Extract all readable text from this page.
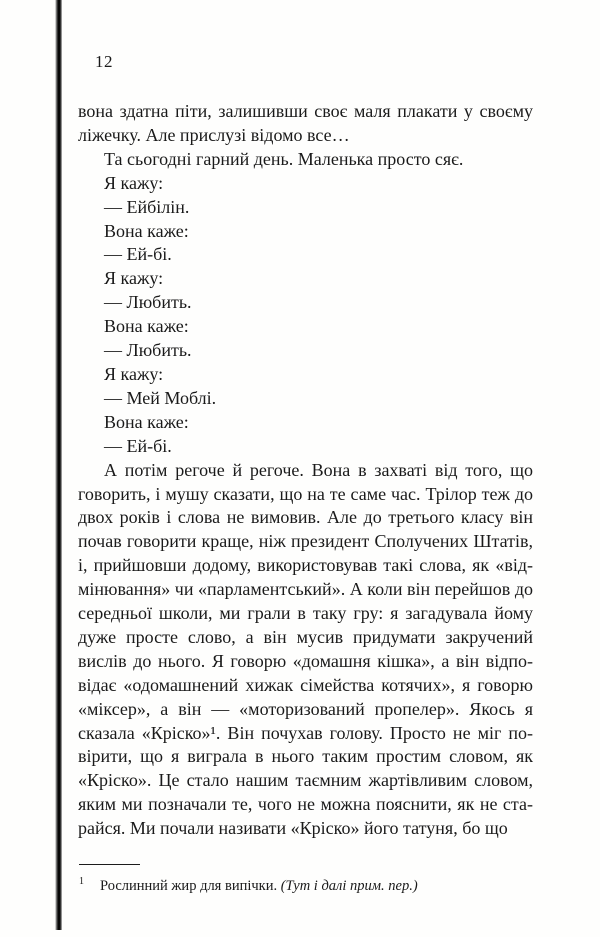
12

вона здатна піти, залишивши своє маля плакати у своєму ліжечку. Але прислузі відомо все…

Та сьогодні гарний день. Маленька просто сяє.

Я кажу:

— Ейбілін.

Вона каже:

— Ей-бі.

Я кажу:

— Любить.

Вона каже:

— Любить.

Я кажу:

— Мей Моблі.

Вона каже:

— Ей-бі.

А потім регоче й регоче. Вона в захваті від того, що говорить, і мушу сказати, що на те саме час. Трілор теж до двох років і слова не вимовив. Але до третього класу він почав говорити краще, ніж президент Сполучених Штатів, і, прийшовши додому, використовував такі слова, як «відмінювання» чи «парламентський». А коли він перейшов до середньої школи, ми грали в таку гру: я загадувала йому дуже просте слово, а він мусив придумати закручений вислів до нього. Я говорю «домашня кішка», а він відповідає «одомашнений хижак сімейства котячих», я говорю «міксер», а він — «моторизований пропелер». Якось я сказала «Кріско»¹. Він почухав голову. Просто не міг повірити, що я виграла в нього таким простим словом, як «Кріско». Це стало нашим таємним жартівливим словом, яким ми позначали те, чого не можна пояснити, як не старайся. Ми почали називати «Кріско» його татуня, бо що

$^1$ Рослинний жир для випічки. (Тут і далі прим. пер.)
